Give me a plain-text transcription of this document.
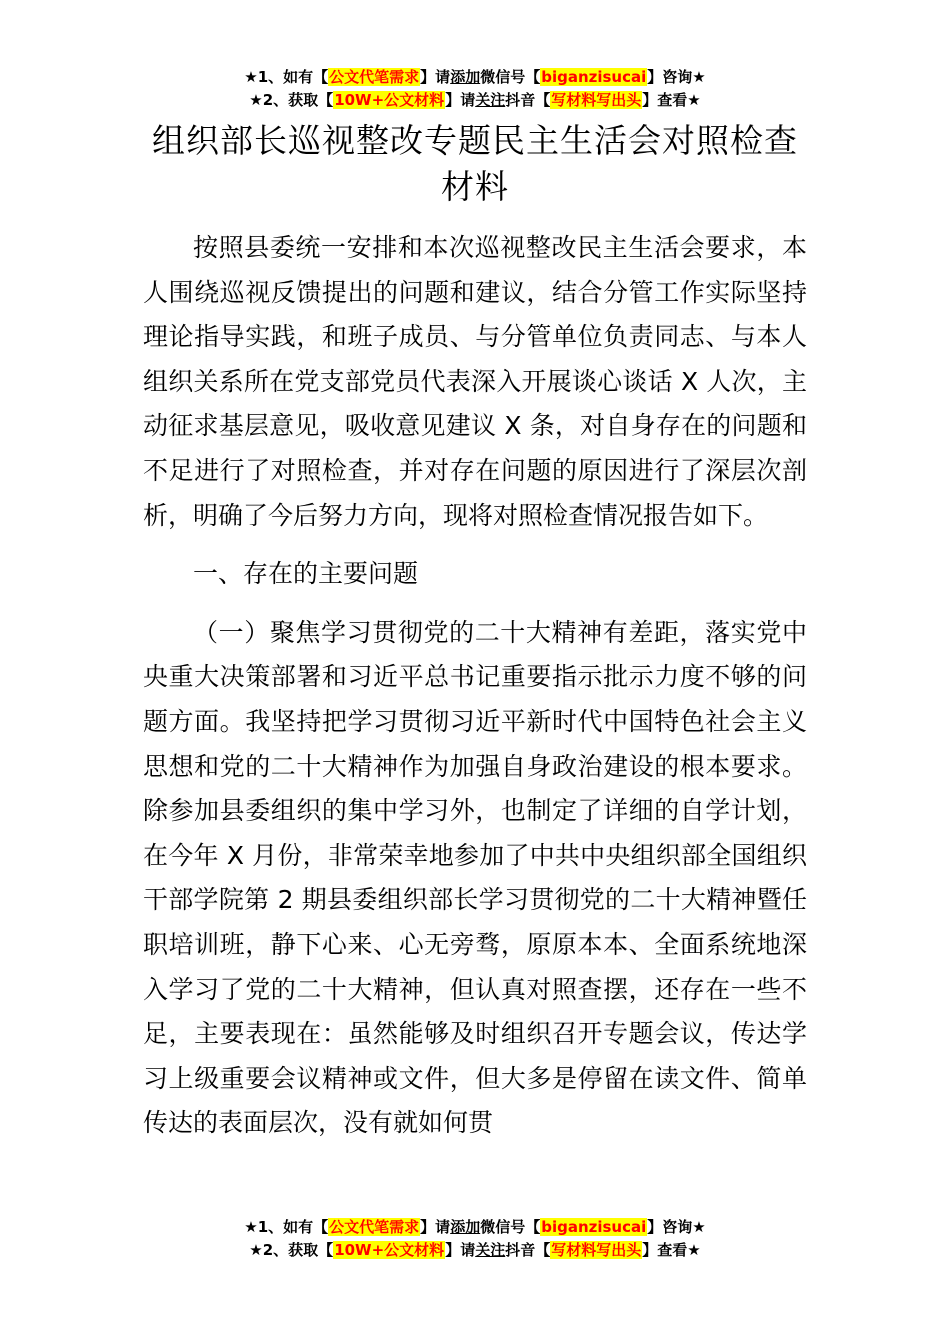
★1、如有【公文代笔需求】请添加微信号【biganzisucai】咨询★
★2、获取【10W+公文材料】请关注抖音【写材料写出头】查看★
组织部长巡视整改专题民主生活会对照检查
材料

按照县委统一安排和本次巡视整改民主生活会要求，本人围绕巡视反馈提出的问题和建议，结合分管工作实际坚持理论指导实践，和班子成员、与分管单位负责同志、与本人组织关系所在党支部党员代表深入开展谈心谈话 X 人次，主动征求基层意见，吸收意见建议 X 条，对自身存在的问题和不足进行了对照检查，并对存在问题的原因进行了深层次剖析，明确了今后努力方向，现将对照检查情况报告如下。

一、存在的主要问题

（一）聚焦学习贯彻党的二十大精神有差距，落实党中央重大决策部署和习近平总书记重要指示批示力度不够的问题方面。我坚持把学习贯彻习近平新时代中国特色社会主义思想和党的二十大精神作为加强自身政治建设的根本要求。除参加县委组织的集中学习外，也制定了详细的自学计划，在今年 X 月份，非常荣幸地参加了中共中央组织部全国组织干部学院第 2 期县委组织部长学习贯彻党的二十大精神暨任职培训班，静下心来、心无旁骛，原原本本、全面系统地深入学习了党的二十大精神，但认真对照查摆，还存在一些不足，主要表现在：虽然能够及时组织召开专题会议，传达学习上级重要会议精神或文件，但大多是停留在读文件、简单传达的表面层次，没有就如何贯

★1、如有【公文代笔需求】请添加微信号【biganzisucai】咨询★
★2、获取【10W+公文材料】请关注抖音【写材料写出头】查看★
